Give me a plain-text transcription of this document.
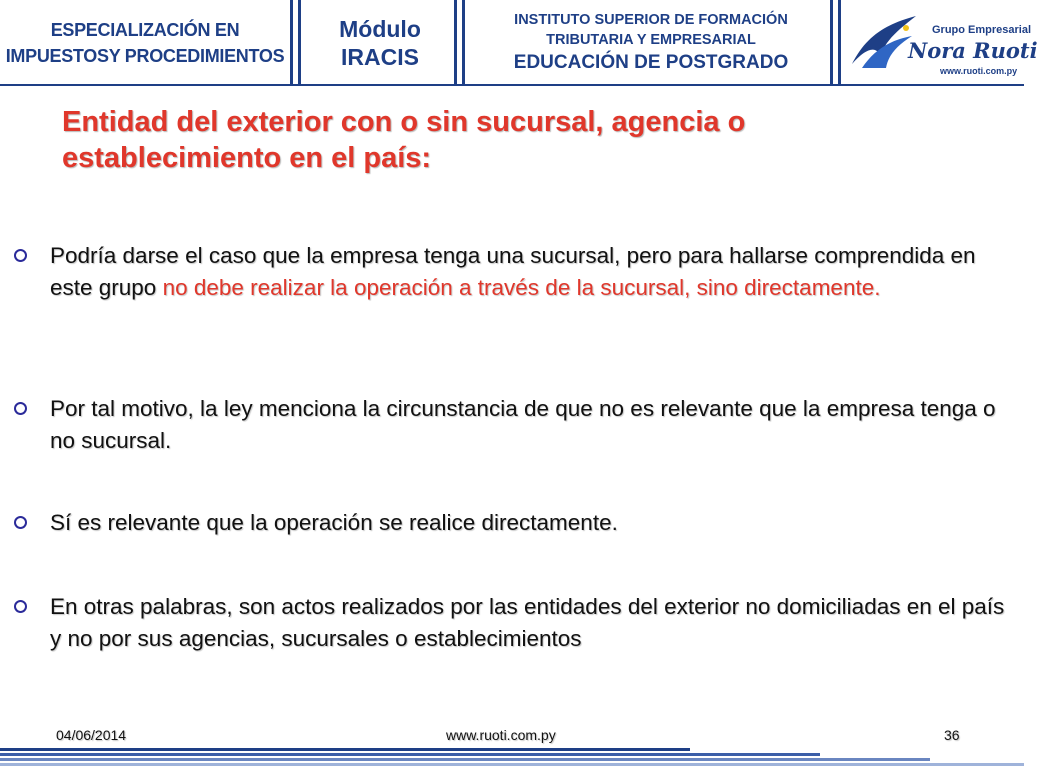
ESPECIALIZACIÓN EN
IMPUESTOSY PROCEDIMIENTOS
Módulo
IRACIS
INSTITUTO SUPERIOR DE FORMACIÓN
TRIBUTARIA Y EMPRESARIAL
EDUCACIÓN DE POSTGRADO
Grupo Empresarial
Nora Ruoti
www.ruoti.com.py
Entidad del exterior con o sin sucursal, agencia o establecimiento en el país:

Podría darse el caso que la empresa tenga una sucursal, pero para hallarse comprendida en este grupo no debe realizar la operación a través de la sucursal, sino directamente.

Por tal motivo, la ley menciona la circunstancia de que no es relevante que la empresa tenga o no sucursal.

Sí es relevante que la operación se realice directamente.

En otras palabras, son actos realizados por las entidades del exterior no domiciliadas en el país y no por sus agencias, sucursales o establecimientos

04/06/2014	www.ruoti.com.py	36
